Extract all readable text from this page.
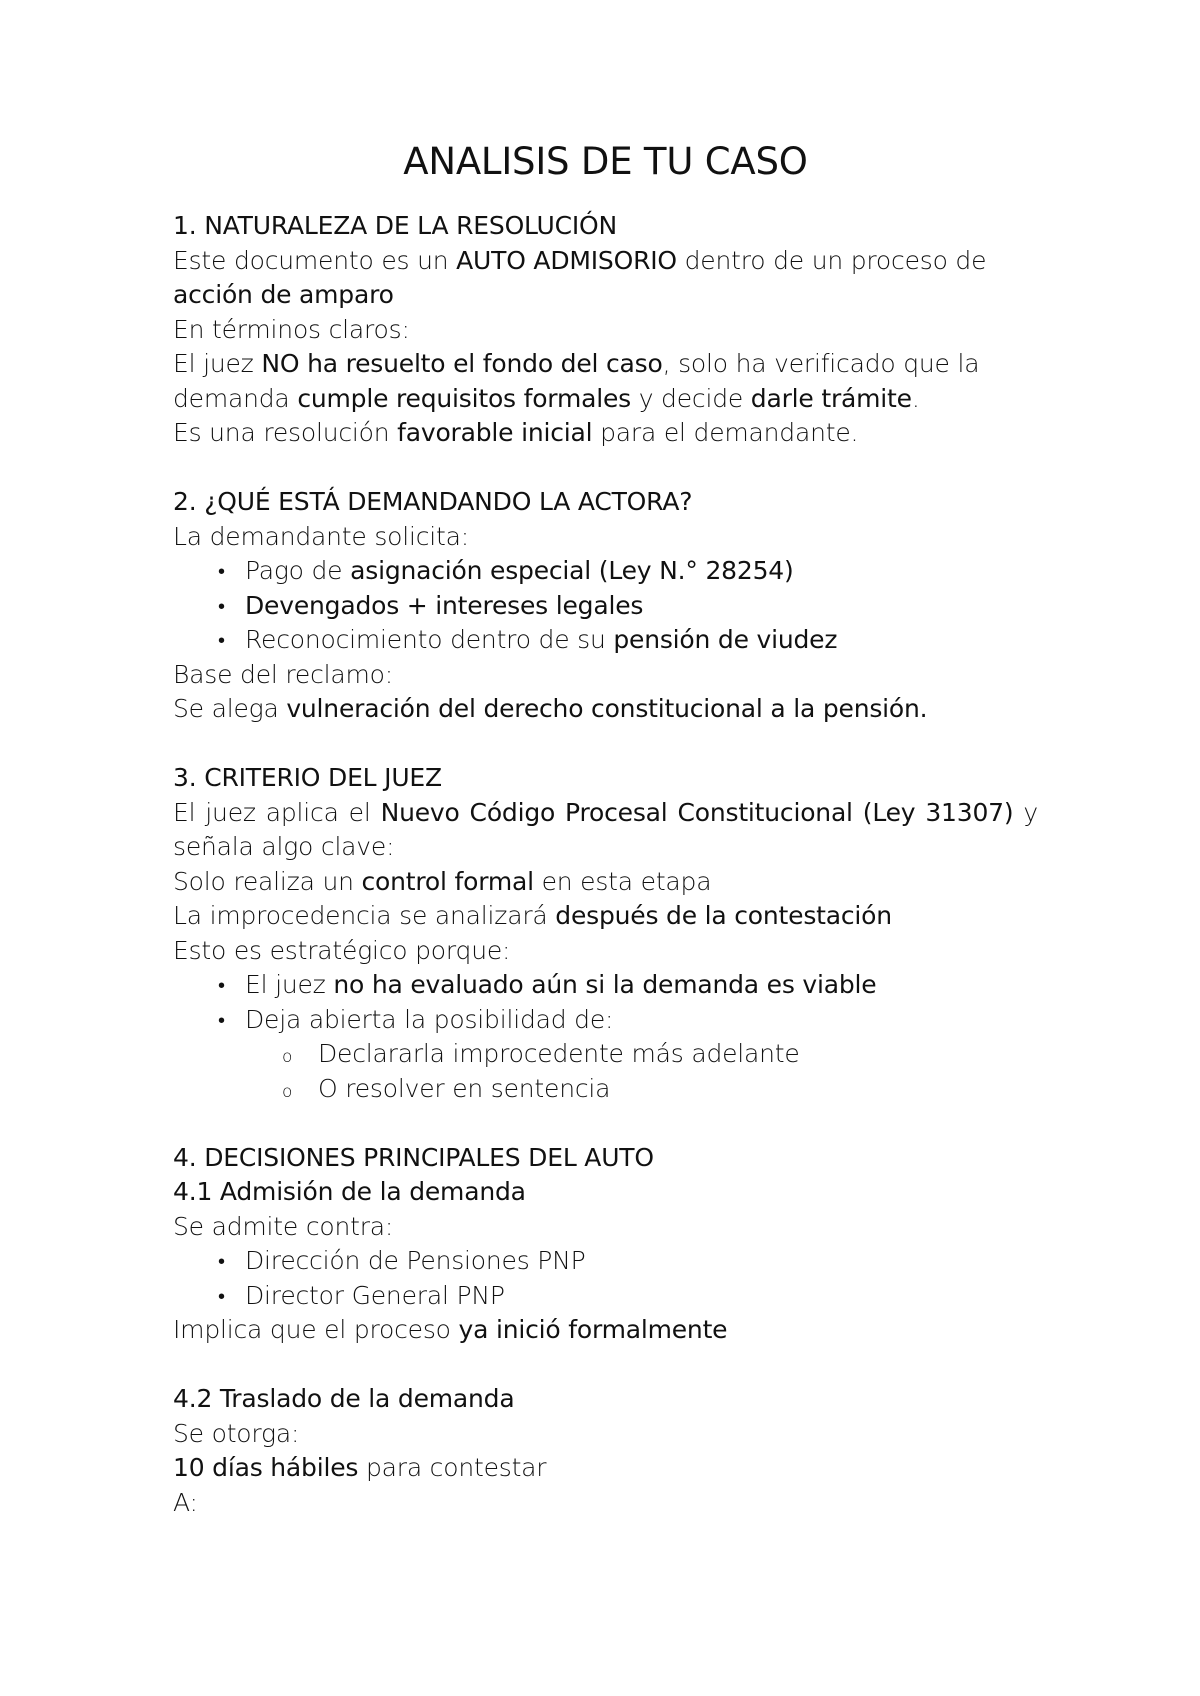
ANALISIS DE TU CASO

1. NATURALEZA DE LA RESOLUCIÓN

Este documento es un AUTO ADMISORIO dentro de un proceso de

acción de amparo

En términos claros:

El juez NO ha resuelto el fondo del caso, solo ha verificado que la

demanda cumple requisitos formales y decide darle trámite.

Es una resolución favorable inicial para el demandante.

2. ¿QUÉ ESTÁ DEMANDANDO LA ACTORA?

La demandante solicita:

• Pago de asignación especial (Ley N.° 28254)
• Devengados + intereses legales
• Reconocimiento dentro de su pensión de viudez

Base del reclamo:

Se alega vulneración del derecho constitucional a la pensión.

3. CRITERIO DEL JUEZ

El juez aplica el Nuevo Código Procesal Constitucional (Ley 31307) y señala algo clave:

Solo realiza un control formal en esta etapa

La improcedencia se analizará después de la contestación

Esto es estratégico porque:

• El juez no ha evaluado aún si la demanda es viable
• Deja abierta la posibilidad de:
o Declararla improcedente más adelante
o O resolver en sentencia

4. DECISIONES PRINCIPALES DEL AUTO

4.1 Admisión de la demanda

Se admite contra:

• Dirección de Pensiones PNP
• Director General PNP

Implica que el proceso ya inició formalmente

4.2 Traslado de la demanda

Se otorga:

10 días hábiles para contestar

A:
